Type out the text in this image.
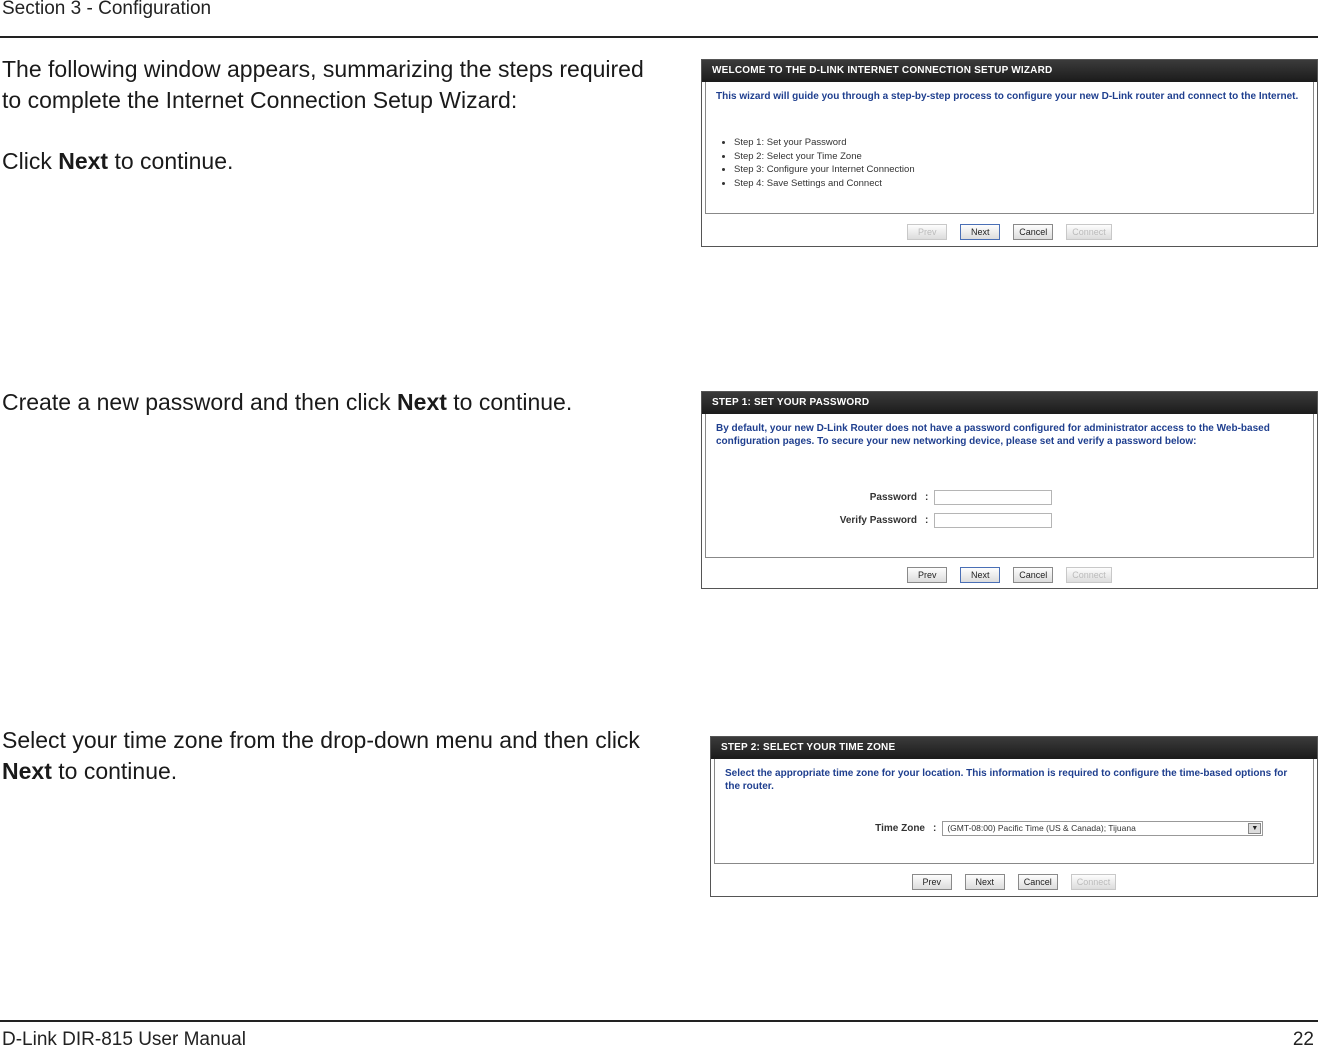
Section 3 - Configuration
The following window appears, summarizing the steps required
to complete the Internet Connection Setup Wizard:
Click Next to continue.
Create a new password and then click Next to continue.
Select your time zone from the drop-down menu and then click
Next to continue.
WELCOME TO THE D-LINK INTERNET CONNECTION SETUP WIZARD
This wizard will guide you through a step-by-step process to configure your new D-Link router and connect to the Internet.
• Step 1: Set your Password
• Step 2: Select your Time Zone
• Step 3: Configure your Internet Connection
• Step 4: Save Settings and Connect
Prev	Next	Cancel	Connect
STEP 1: SET YOUR PASSWORD
By default, your new D-Link Router does not have a password configured for administrator access to the Web-based configuration pages. To secure your new networking device, please set and verify a password below:
Password :
Verify Password :
Prev	Next	Cancel	Connect
STEP 2: SELECT YOUR TIME ZONE
Select the appropriate time zone for your location. This information is required to configure the time-based options for the router.
Time Zone :	(GMT-08:00) Pacific Time (US & Canada); Tijuana	▼
Prev	Next	Cancel	Connect
D-Link DIR-815 User Manual	22
